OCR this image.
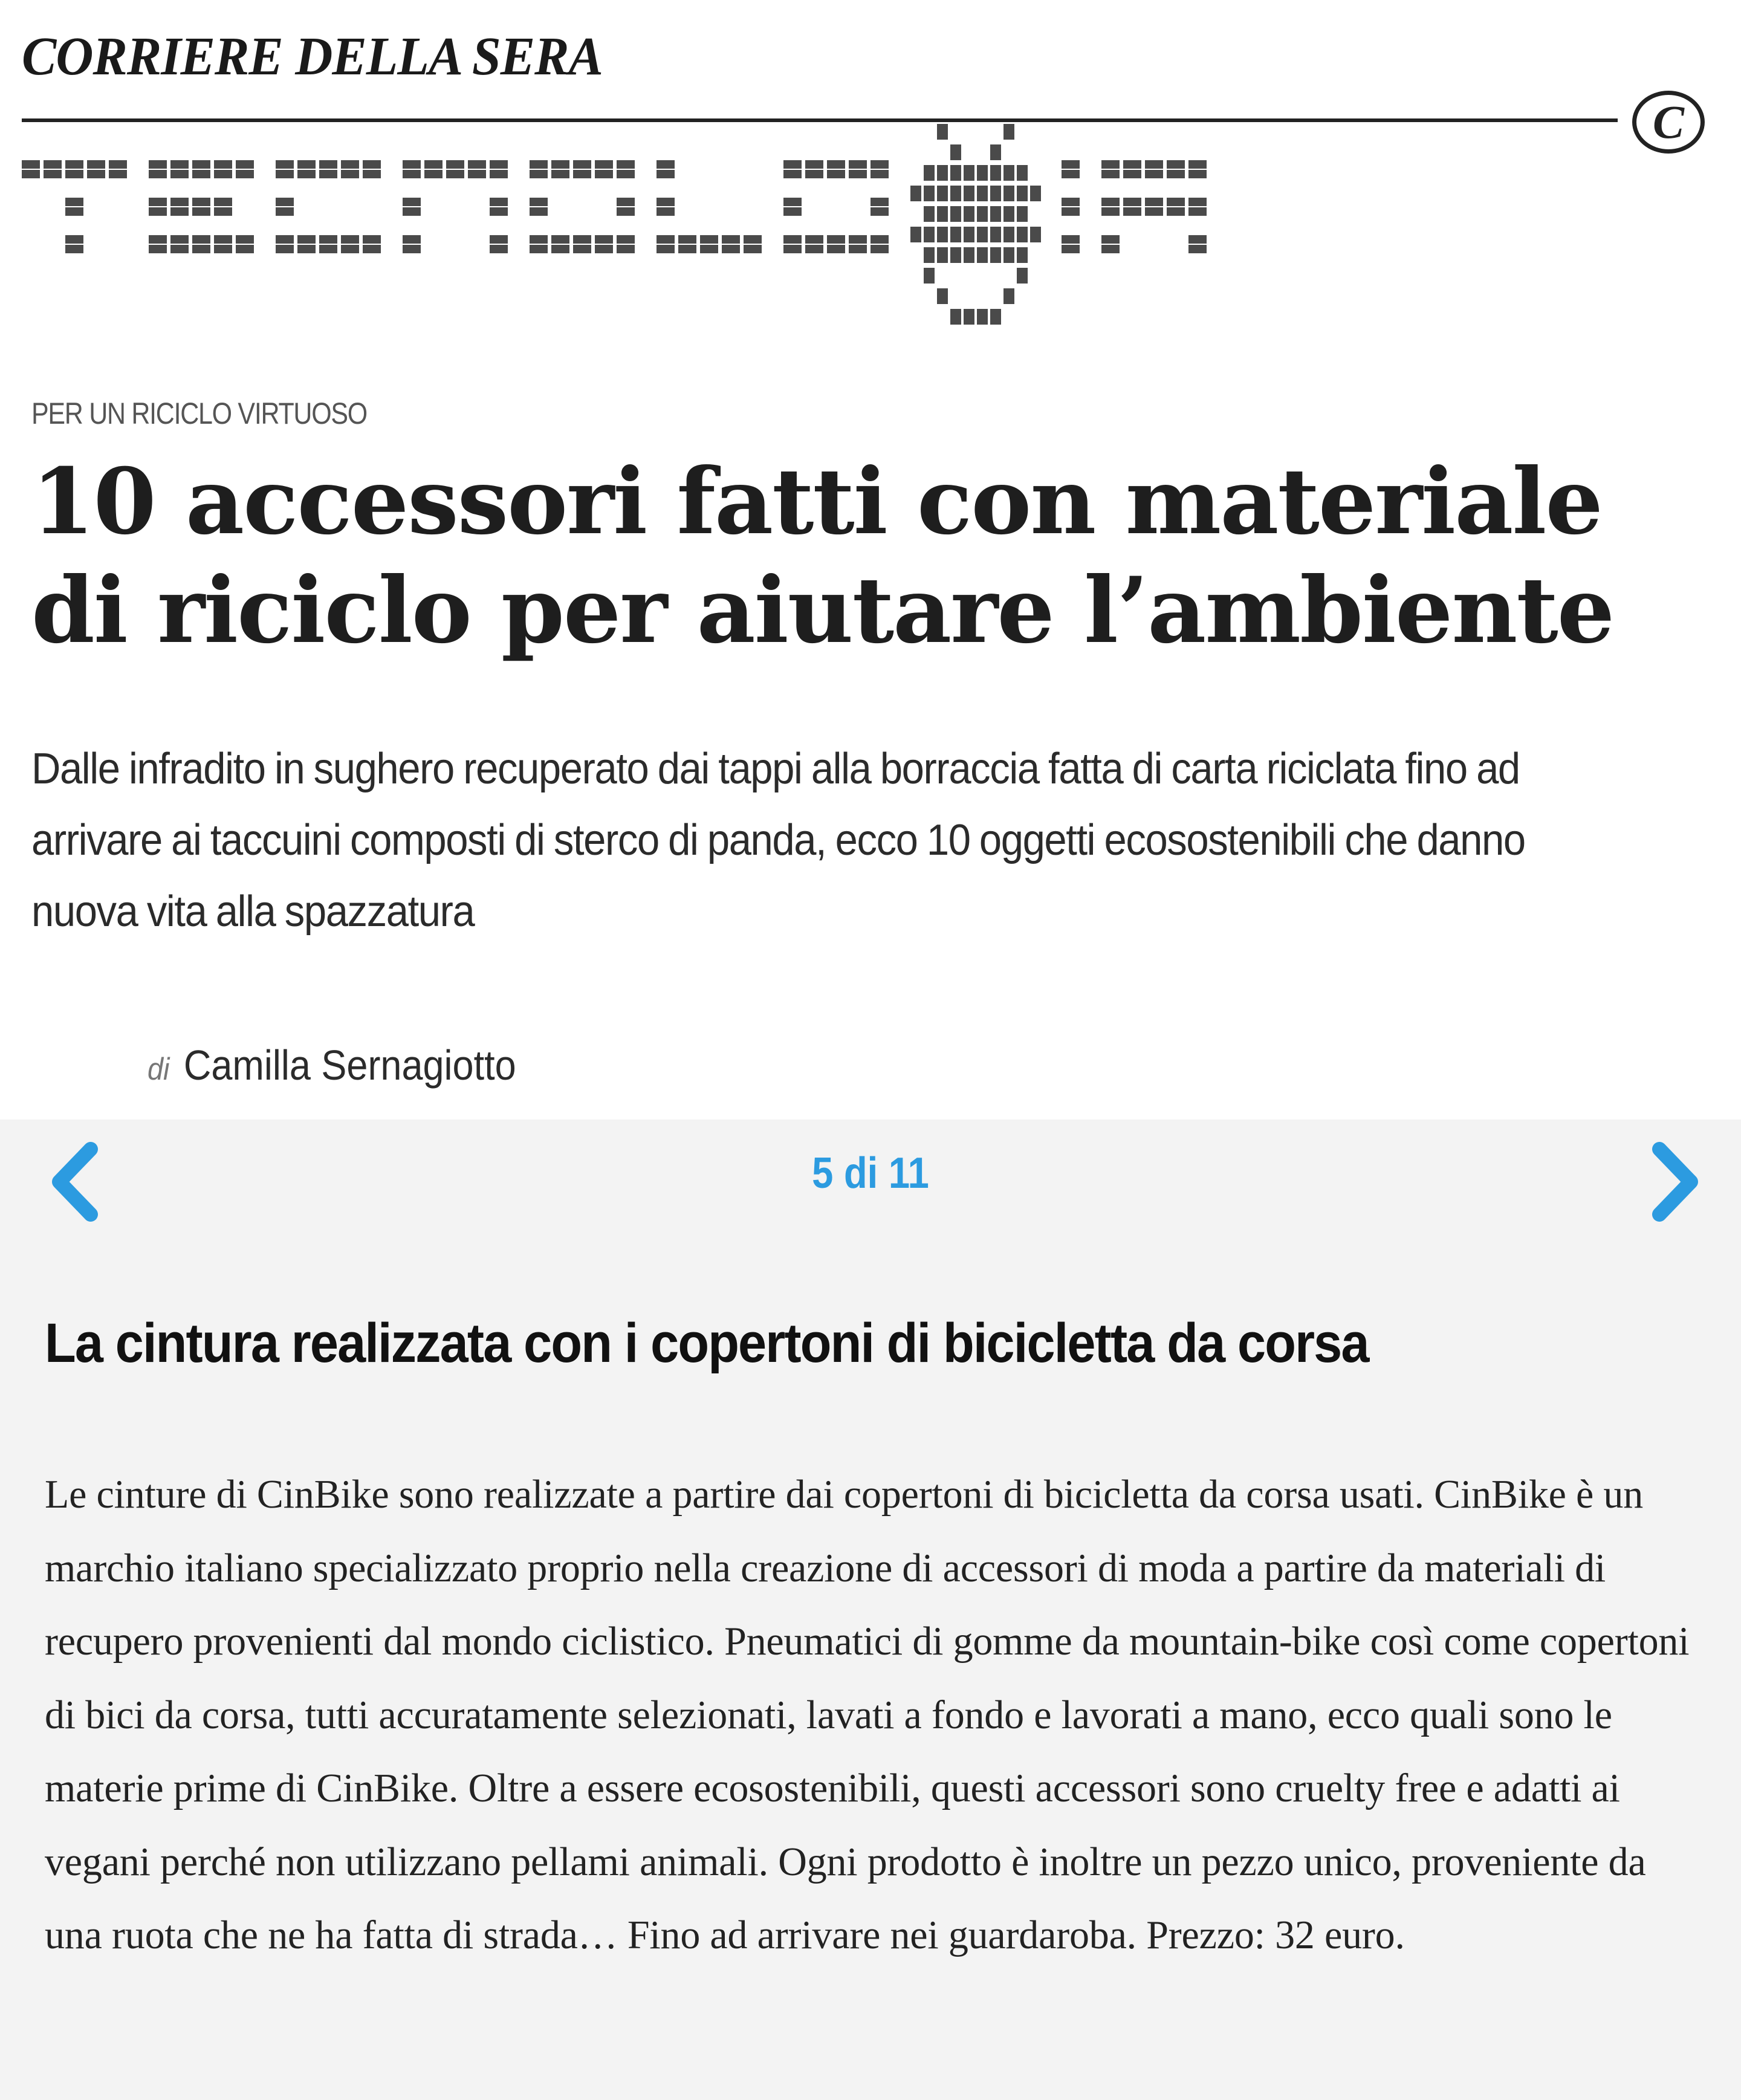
CORRIERE DELLA SERA
C
PER UN RICICLO VIRTUOSO
10 accessori fatti con materiale di riciclo per aiutare l’ambiente

Dalle infradito in sughero recuperato dai tappi alla borraccia fatta di carta riciclata fino ad arrivare ai taccuini composti di sterco di panda, ecco 10 oggetti ecosostenibili che danno nuova vita alla spazzatura

di Camilla Sernagiotto
5 di 11
La cintura realizzata con i copertoni di bicicletta da corsa

Le cinture di CinBike sono realizzate a partire dai copertoni di bicicletta da corsa usati. CinBike è un marchio italiano specializzato proprio nella creazione di accessori di moda a partire da materiali di recupero provenienti dal mondo ciclistico. Pneumatici di gomme da mountain-bike così come copertoni di bici da corsa, tutti accuratamente selezionati, lavati a fondo e lavorati a mano, ecco quali sono le materie prime di CinBike. Oltre a essere ecosostenibili, questi accessori sono cruelty free e adatti ai vegani perché non utilizzano pellami animali. Ogni prodotto è inoltre un pezzo unico, proveniente da una ruota che ne ha fatta di strada… Fino ad arrivare nei guardaroba. Prezzo: 32 euro.
